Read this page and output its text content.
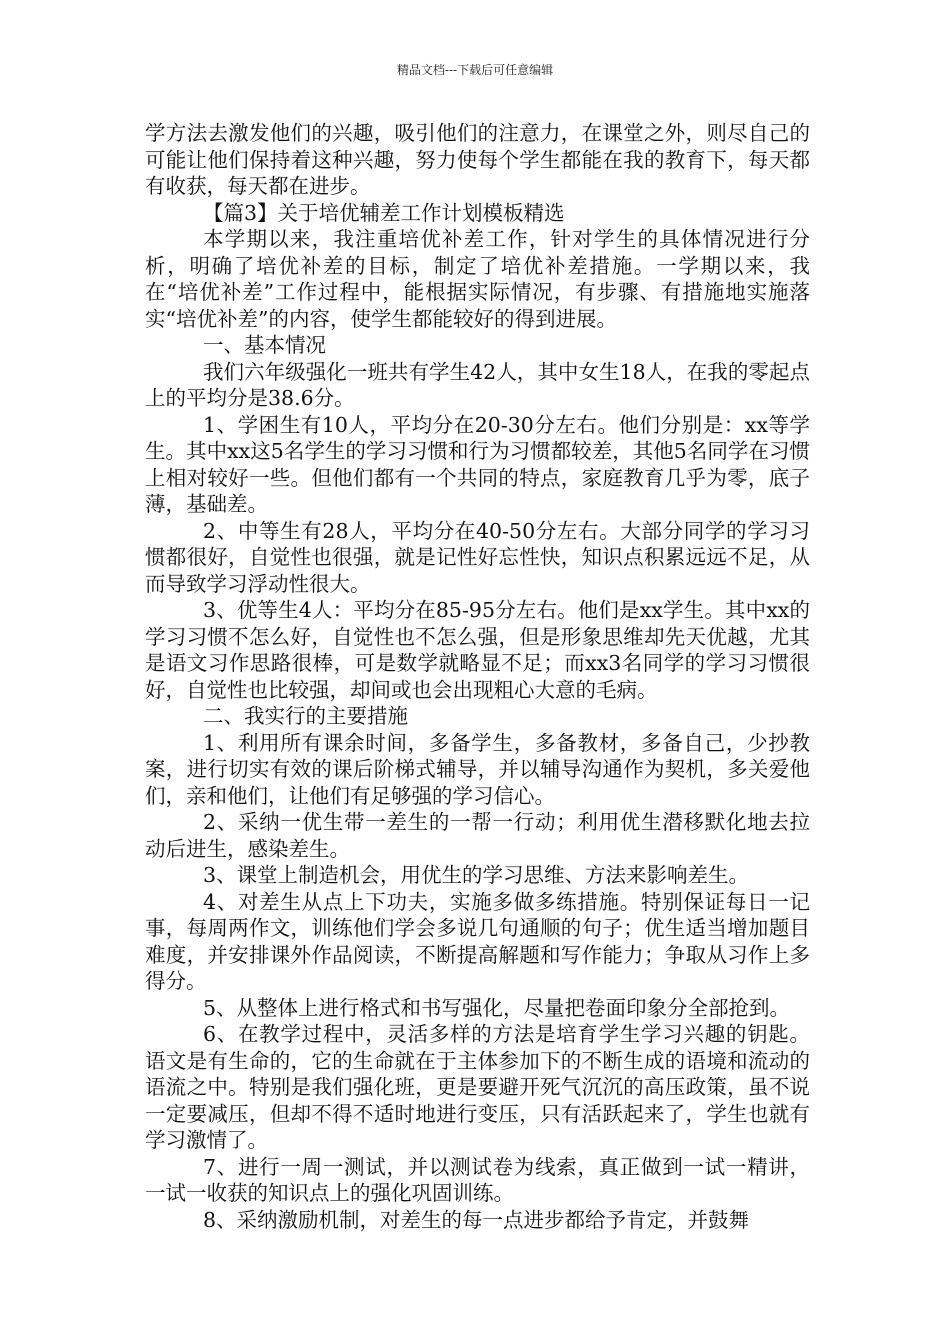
精品文档---下载后可任意编辑

学方法去激发他们的兴趣，吸引他们的注意力，在课堂之外，则尽自己的可能让他们保持着这种兴趣，努力使每个学生都能在我的教育下，每天都有收获，每天都在进步。

【篇3】关于培优辅差工作计划模板精选

本学期以来，我注重培优补差工作，针对学生的具体情况进行分析，明确了培优补差的目标，制定了培优补差措施。一学期以来，我在“培优补差”工作过程中，能根据实际情况，有步骤、有措施地实施落实“培优补差”的内容，使学生都能较好的得到进展。

一、基本情况

我们六年级强化一班共有学生42人，其中女生18人，在我的零起点上的平均分是38.6分。

1、学困生有10人，平均分在20-30分左右。他们分别是：xx等学生。其中xx这5名学生的学习习惯和行为习惯都较差，其他5名同学在习惯上相对较好一些。但他们都有一个共同的特点，家庭教育几乎为零，底子薄，基础差。

2、中等生有28人，平均分在40-50分左右。大部分同学的学习习惯都很好，自觉性也很强，就是记性好忘性快，知识点积累远远不足，从而导致学习浮动性很大。

3、优等生4人：平均分在85-95分左右。他们是xx学生。其中xx的学习习惯不怎么好，自觉性也不怎么强，但是形象思维却先天优越，尤其是语文习作思路很棒，可是数学就略显不足；而xx3名同学的学习习惯很好，自觉性也比较强，却间或也会出现粗心大意的毛病。

二、我实行的主要措施

1、利用所有课余时间，多备学生，多备教材，多备自己，少抄教案，进行切实有效的课后阶梯式辅导，并以辅导沟通作为契机，多关爱他们，亲和他们，让他们有足够强的学习信心。

2、采纳一优生带一差生的一帮一行动；利用优生潜移默化地去拉动后进生，感染差生。

3、课堂上制造机会，用优生的学习思维、方法来影响差生。

4、对差生从点上下功夫，实施多做多练措施。特别保证每日一记事，每周两作文，训练他们学会多说几句通顺的句子；优生适当增加题目难度，并安排课外作品阅读，不断提高解题和写作能力；争取从习作上多得分。

5、从整体上进行格式和书写强化，尽量把卷面印象分全部抢到。

6、在教学过程中，灵活多样的方法是培育学生学习兴趣的钥匙。语文是有生命的，它的生命就在于主体参加下的不断生成的语境和流动的语流之中。特别是我们强化班，更是要避开死气沉沉的高压政策，虽不说一定要减压，但却不得不适时地进行变压，只有活跃起来了，学生也就有学习激情了。

7、进行一周一测试，并以测试卷为线索，真正做到一试一精讲，一试一收获的知识点上的强化巩固训练。

8、采纳激励机制，对差生的每一点进步都给予肯定，并鼓舞
